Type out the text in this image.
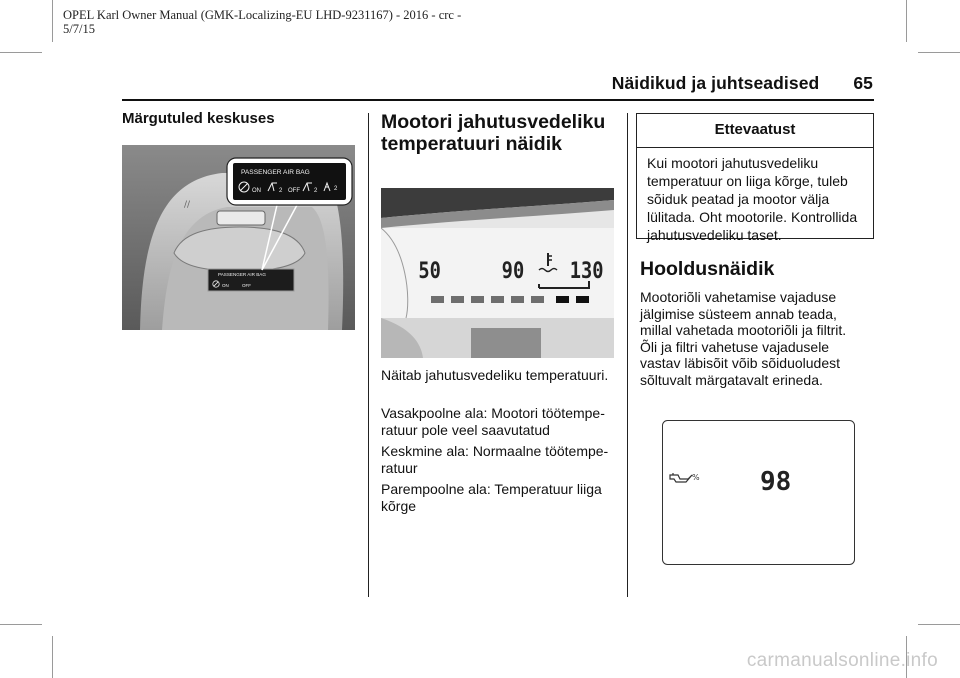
OPEL Karl Owner Manual (GMK-Localizing-EU LHD-9231167) - 2016 - crc -
5/7/15
Näidikud ja juhtseadised 65
Märgutuled keskuses
//
PASSENGER AIR BAG
ON	OFF
PASSENGER AIR BAG
ON	2 OFF 2	2
Mootori jahutusvedeliku
temperatuuri näidik
50	90 130
Näitab jahutusvedeliku temperatuuri.
Vasakpoolne ala: Mootori töötempe-
ratuur pole veel saavutatud
Keskmine ala: Normaalne töötempe-
ratuur
Parempoolne ala: Temperatuur liiga
kõrge
Ettevaatust
Kui mootori jahutusvedeliku
temperatuur on liiga kõrge, tuleb
sõiduk peatad ja mootor välja
lülitada. Oht mootorile. Kontrollida
jahutusvedeliku taset.
Hooldusnäidik
Mootoriõli vahetamise vajaduse
jälgimise süsteem annab teada,
millal vahetada mootoriõli ja filtrit.
Õli ja filtri vahetuse vajadusele
vastav läbisõit võib sõiduoludest
sõltuvalt märgatavalt erineda.
% 98
carmanualsonline.info
